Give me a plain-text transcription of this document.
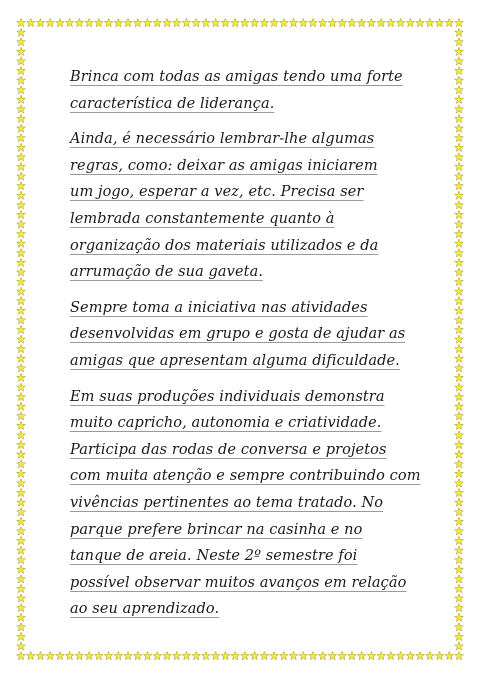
Brinca com todas as amigas tendo uma forte
característica de liderança.

Ainda, é necessário lembrar-lhe algumas
regras, como: deixar as amigas iniciarem
um jogo, esperar a vez, etc. Precisa ser
lembrada constantemente quanto à
organização dos materiais utilizados e da
arrumação de sua gaveta.

Sempre toma a iniciativa nas atividades
desenvolvidas em grupo e gosta de ajudar as
amigas que apresentam alguma dificuldade.

Em suas produções individuais demonstra
muito capricho, autonomia e criatividade.
Participa das rodas de conversa e projetos
com muita atenção e sempre contribuindo com
vivências pertinentes ao tema tratado. No
parque prefere brincar na casinha e no
tanque de areia. Neste 2º semestre foi
possível observar muitos avanços em relação
ao seu aprendizado.
